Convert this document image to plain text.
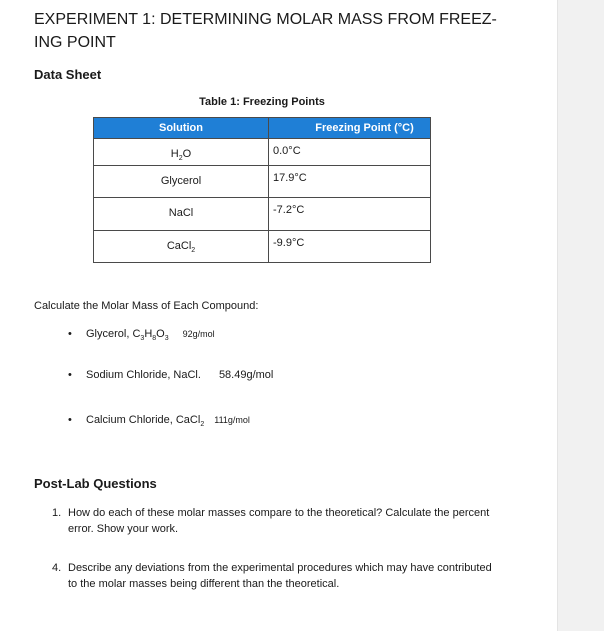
EXPERIMENT 1: DETERMINING MOLAR MASS FROM FREEZ-ING POINT
Data Sheet
Table 1: Freezing Points
Solution	Freezing Point (°C)
$H_2O$	0.0°C
Glycerol	17.9°C
NaCl	-7.2°C
CaCl$_2$	-9.9°C
Calculate the Molar Mass of Each Compound:
• Glycerol, $C_3H_8O_3$ 92g/mol
• Sodium Chloride, NaCl. 58.49g/mol
• Calcium Chloride, CaCl$_2$ 111g/mol
Post-Lab Questions
1. How do each of these molar masses compare to the theoretical? Calculate the percent error. Show your work.
4. Describe any deviations from the experimental procedures which may have contributed to the molar masses being different than the theoretical.
